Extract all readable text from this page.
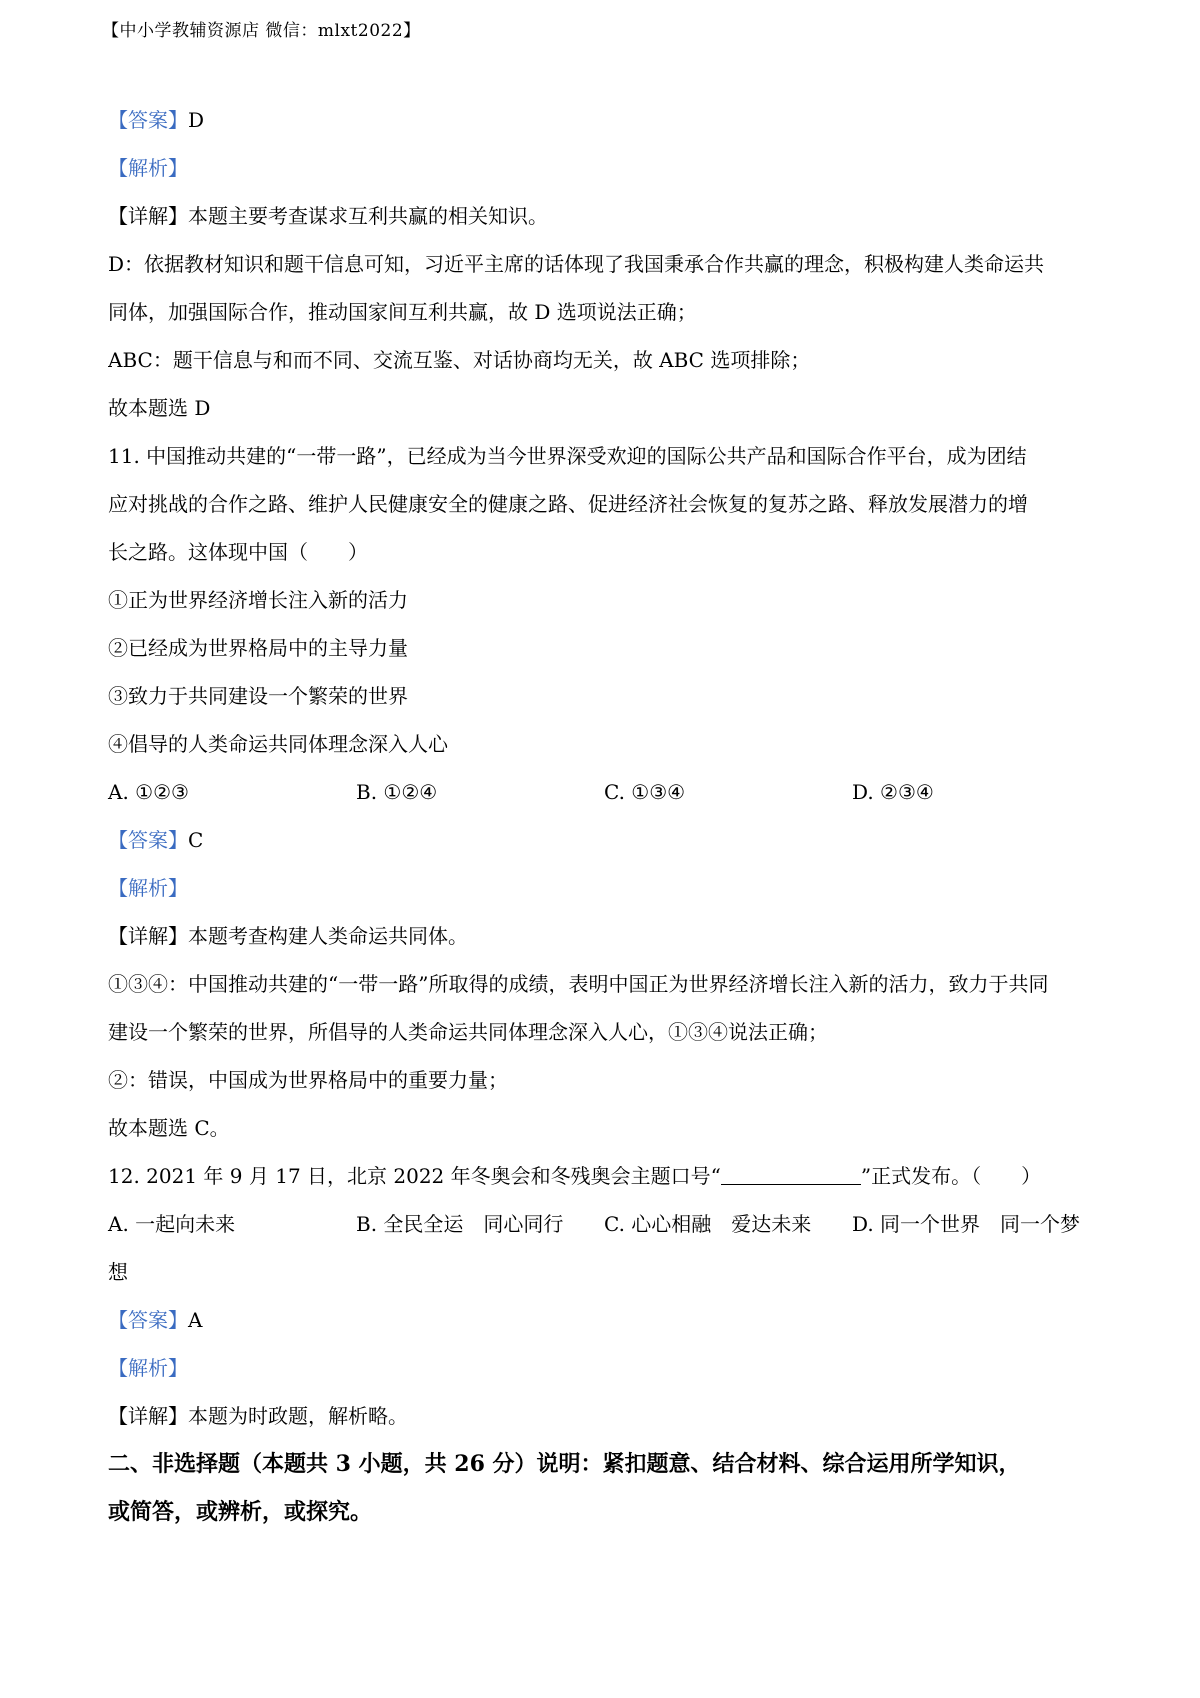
【中小学教辅资源店 微信：mlxt2022】
【答案】D
【解析】
【详解】本题主要考查谋求互利共赢的相关知识。
D：依据教材知识和题干信息可知，习近平主席的话体现了我国秉承合作共赢的理念，积极构建人类命运共
同体，加强国际合作，推动国家间互利共赢，故 D 选项说法正确；
ABC：题干信息与和而不同、交流互鉴、对话协商均无关，故 ABC 选项排除；
故本题选 D
11. 中国推动共建的“一带一路”，已经成为当今世界深受欢迎的国际公共产品和国际合作平台，成为团结
应对挑战的合作之路、维护人民健康安全的健康之路、促进经济社会恢复的复苏之路、释放发展潜力的增
长之路。这体现中国（　　）
①正为世界经济增长注入新的活力
②已经成为世界格局中的主导力量
③致力于共同建设一个繁荣的世界
④倡导的人类命运共同体理念深入人心
A. ①②③	B. ①②④	C. ①③④	D. ②③④
【答案】C
【解析】
【详解】本题考查构建人类命运共同体。
①③④：中国推动共建的“一带一路”所取得的成绩，表明中国正为世界经济增长注入新的活力，致力于共同
建设一个繁荣的世界，所倡导的人类命运共同体理念深入人心，①③④说法正确；
②：错误，中国成为世界格局中的重要力量；
故本题选 C。
12. 2021 年 9 月 17 日，北京 2022 年冬奥会和冬残奥会主题口号“	”正式发布。（　　）
A. 一起向未来	B. 全民全运　同心同行	C. 心心相融　爱达未来	D. 同一个世界　同一个梦
想
【答案】A
【解析】
【详解】本题为时政题，解析略。
二、非选择题（本题共 3 小题，共 26 分）说明：紧扣题意、结合材料、综合运用所学知识，
或简答，或辨析，或探究。
